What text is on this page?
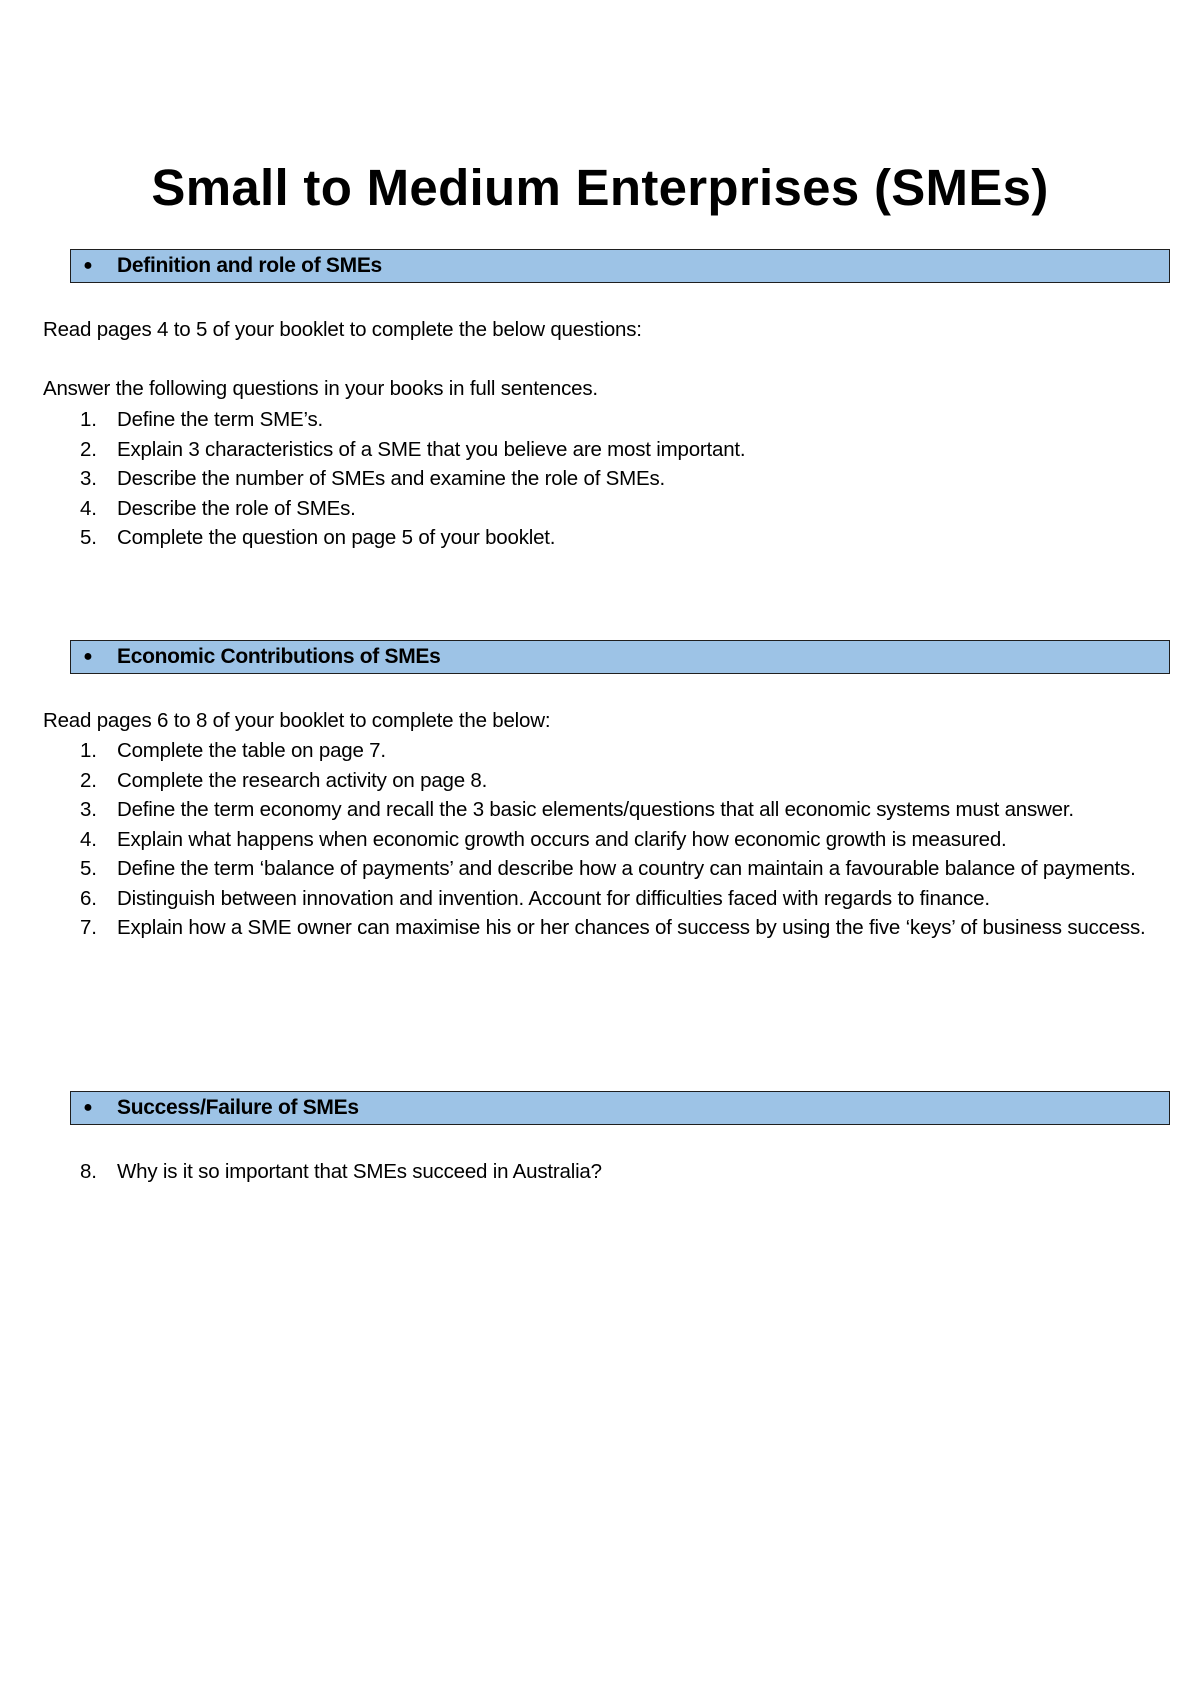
Small to Medium Enterprises (SMEs)
● Definition and role of SMEs
Read pages 4 to 5 of your booklet to complete the below questions:
Answer the following questions in your books in full sentences.
1. Define the term SME’s.
2. Explain 3 characteristics of a SME that you believe are most important.
3. Describe the number of SMEs and examine the role of SMEs.
4. Describe the role of SMEs.
5. Complete the question on page 5 of your booklet.
● Economic Contributions of SMEs
Read pages 6 to 8 of your booklet to complete the below:
1. Complete the table on page 7.
2. Complete the research activity on page 8.
3. Define the term economy and recall the 3 basic elements/questions that all economic systems must answer.
4. Explain what happens when economic growth occurs and clarify how economic growth is measured.
5. Define the term ‘balance of payments’ and describe how a country can maintain a favourable balance of payments.
6. Distinguish between innovation and invention. Account for difficulties faced with regards to finance.
7. Explain how a SME owner can maximise his or her chances of success by using the five ‘keys’ of business success.
● Success/Failure of SMEs
8. Why is it so important that SMEs succeed in Australia?
